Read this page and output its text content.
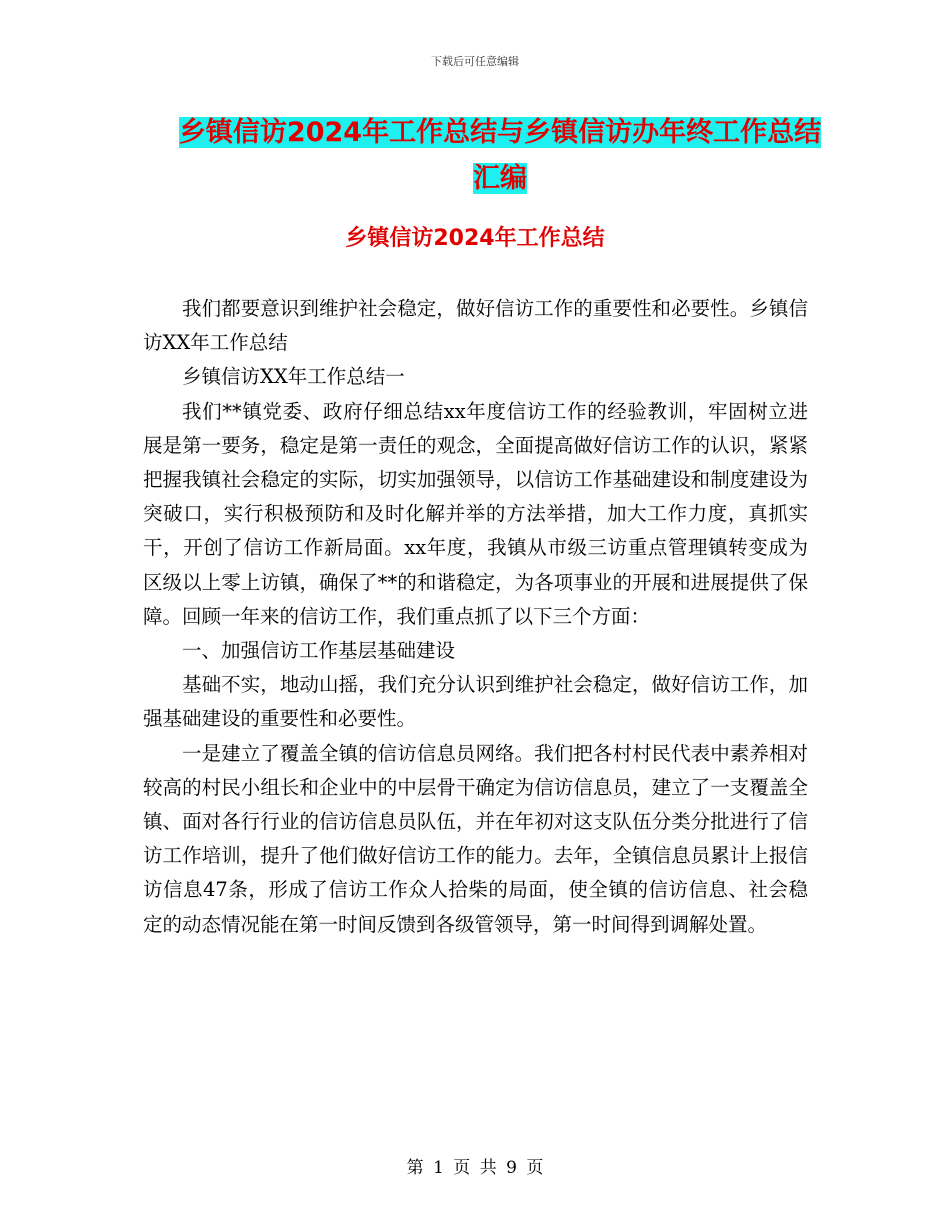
下载后可任意编辑
乡镇信访2024年工作总结与乡镇信访办年终工作总结
汇编
乡镇信访2024年工作总结

我们都要意识到维护社会稳定，做好信访工作的重要性和必要性。乡镇信访XX年工作总结

乡镇信访XX年工作总结一

我们**镇党委、政府仔细总结xx年度信访工作的经验教训，牢固树立进展是第一要务，稳定是第一责任的观念，全面提高做好信访工作的认识，紧紧把握我镇社会稳定的实际，切实加强领导，以信访工作基础建设和制度建设为突破口，实行积极预防和及时化解并举的方法举措，加大工作力度，真抓实干，开创了信访工作新局面。xx年度，我镇从市级三访重点管理镇转变成为区级以上零上访镇，确保了**的和谐稳定，为各项事业的开展和进展提供了保障。回顾一年来的信访工作，我们重点抓了以下三个方面：

一、加强信访工作基层基础建设

基础不实，地动山摇，我们充分认识到维护社会稳定，做好信访工作，加强基础建设的重要性和必要性。

一是建立了覆盖全镇的信访信息员网络。我们把各村村民代表中素养相对较高的村民小组长和企业中的中层骨干确定为信访信息员，建立了一支覆盖全镇、面对各行行业的信访信息员队伍，并在年初对这支队伍分类分批进行了信访工作培训，提升了他们做好信访工作的能力。去年，全镇信息员累计上报信访信息47条，形成了信访工作众人拾柴的局面，使全镇的信访信息、社会稳定的动态情况能在第一时间反馈到各级管领导，第一时间得到调解处置。

第 1 页 共 9 页
